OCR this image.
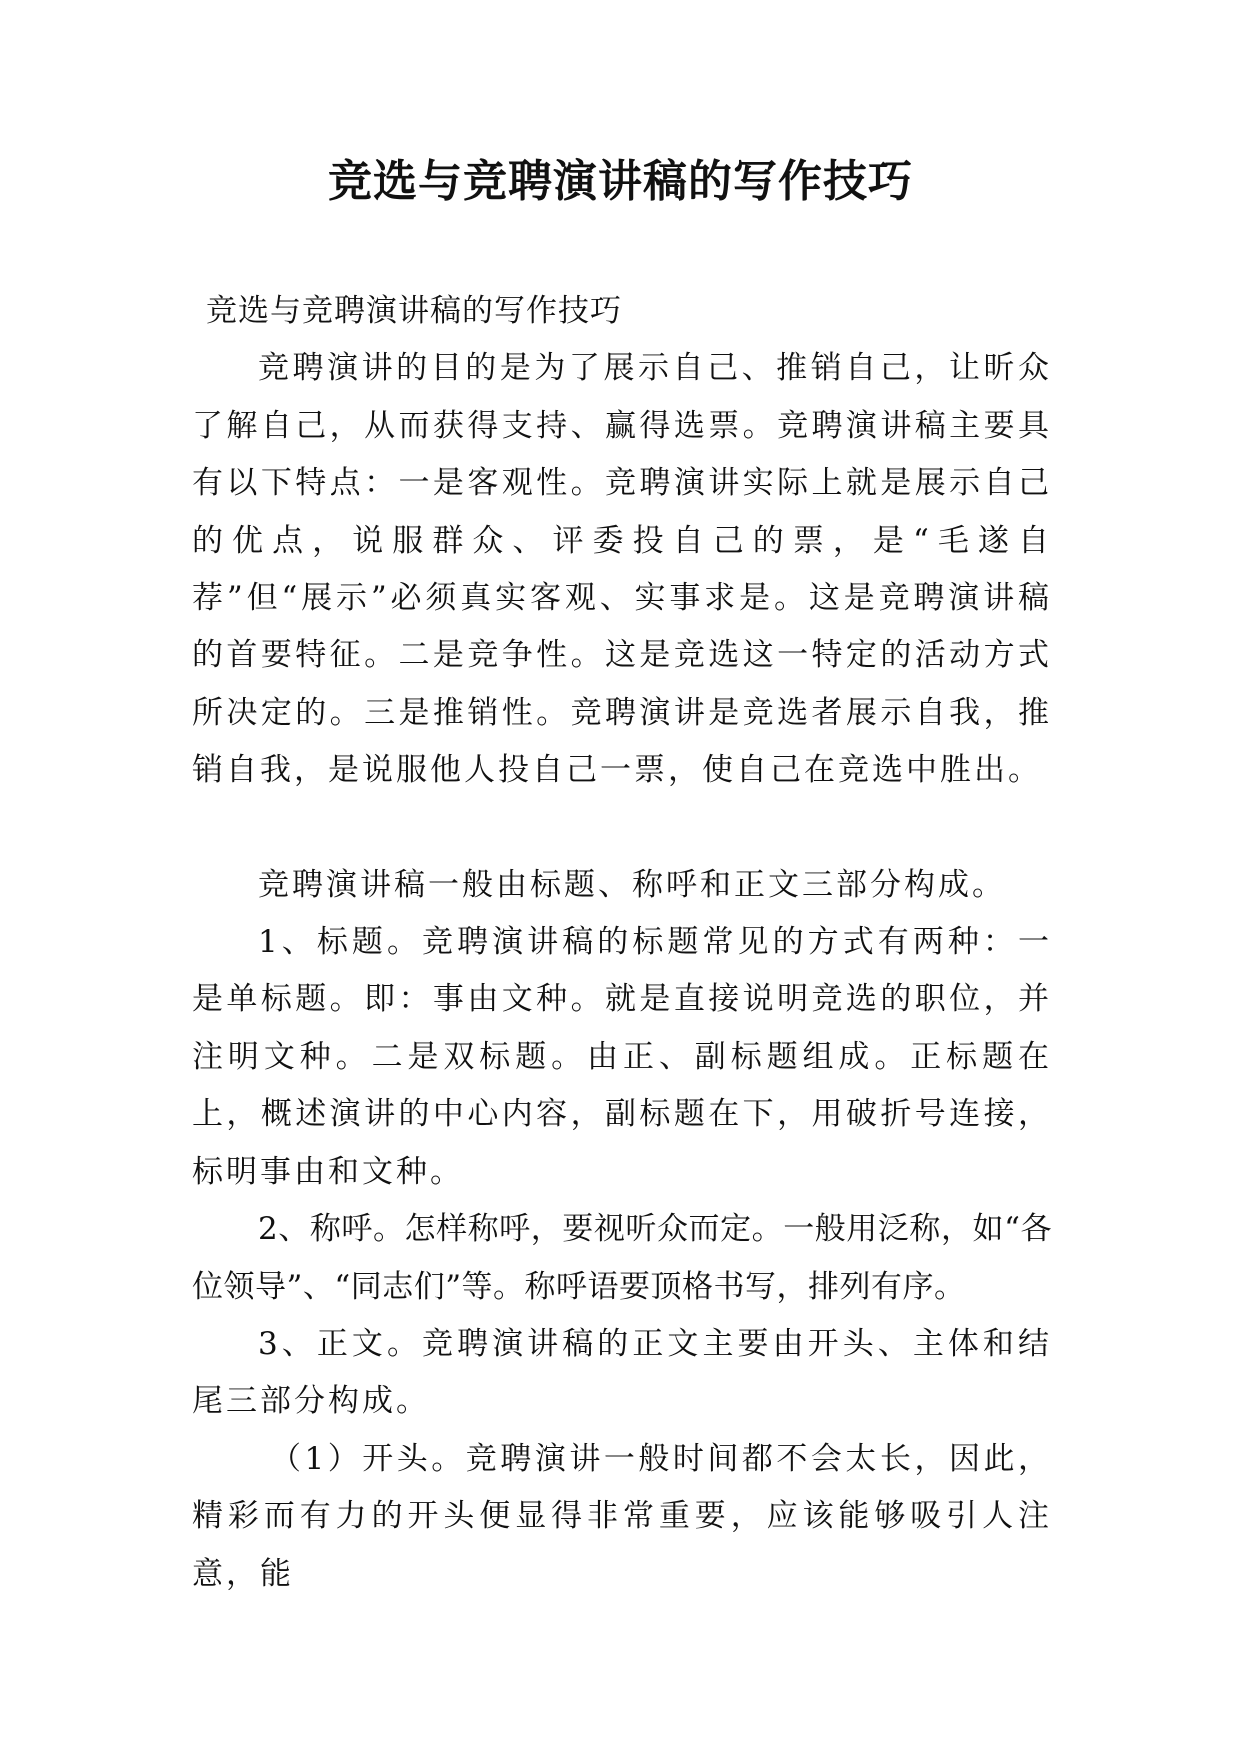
竞选与竞聘演讲稿的写作技巧

竞选与竞聘演讲稿的写作技巧

竞聘演讲的目的是为了展示自己、推销自己，让昕众了解自己，从而获得支持、赢得选票。竞聘演讲稿主要具有以下特点：一是客观性。竞聘演讲实际上就是展示自己的优点，说服群众、评委投自己的票，是“毛遂自荐”但“展示”必须真实客观、实事求是。这是竞聘演讲稿的首要特征。二是竞争性。这是竞选这一特定的活动方式所决定的。三是推销性。竞聘演讲是竞选者展示自我，推销自我，是说服他人投自己一票，使自己在竞选中胜出。

竞聘演讲稿一般由标题、称呼和正文三部分构成。

1、标题。竞聘演讲稿的标题常见的方式有两种：一是单标题。即：事由文种。就是直接说明竞选的职位，并注明文种。二是双标题。由正、副标题组成。正标题在上，概述演讲的中心内容，副标题在下，用破折号连接，标明事由和文种。

2、称呼。怎样称呼，要视听众而定。一般用泛称，如“各位领导”、“同志们”等。称呼语要顶格书写，排列有序。

3、正文。竞聘演讲稿的正文主要由开头、主体和结尾三部分构成。

（1）开头。竞聘演讲一般时间都不会太长，因此，精彩而有力的开头便显得非常重要，应该能够吸引人注意，能
